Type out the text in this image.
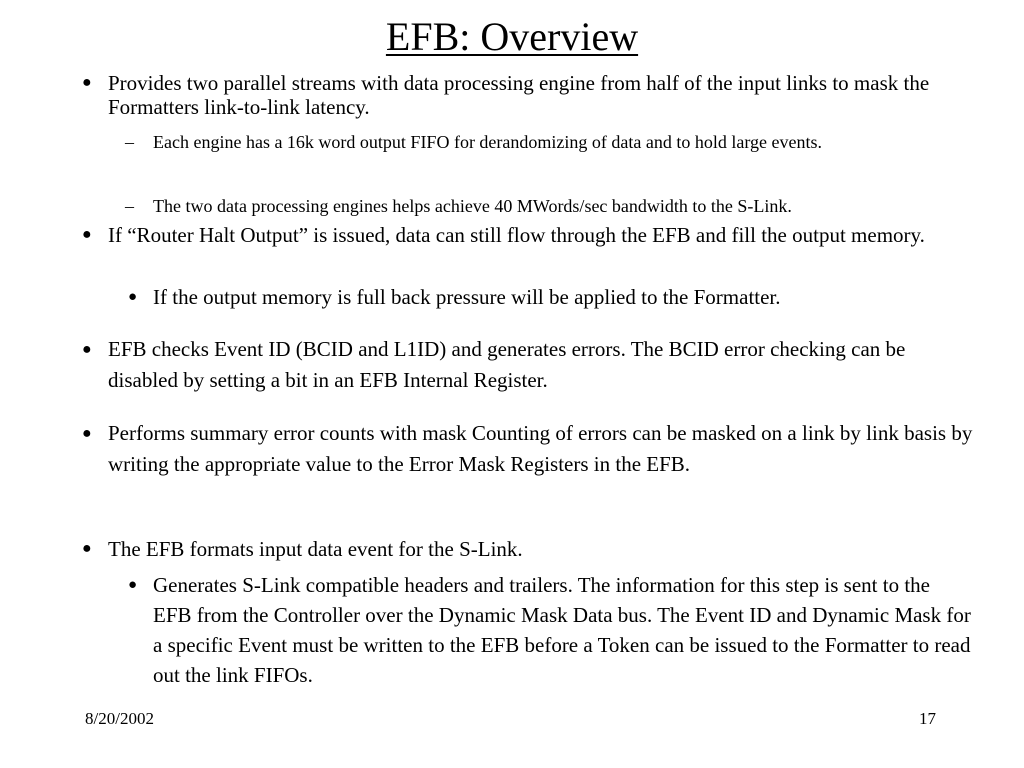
EFB: Overview
● Provides two parallel streams with data processing engine from half of the input links to mask the Formatters link-to-link latency.
– Each engine has a 16k word output FIFO for derandomizing of data and to hold large events.
– The two data processing engines helps achieve 40 MWords/sec bandwidth to the S-Link.
● If “Router Halt Output” is issued, data can still flow through the EFB and fill the output memory.
● If the output memory is full back pressure will be applied to the Formatter.
● EFB checks Event ID (BCID and L1ID) and generates errors. The BCID error checking can be disabled by setting a bit in an EFB Internal Register.
● Performs summary error counts with mask Counting of errors can be masked on a link by link basis by writing the appropriate value to the Error Mask Registers in the EFB.
● The EFB formats input data event for the S-Link.
● Generates S-Link compatible headers and trailers. The information for this step is sent to the EFB from the Controller over the Dynamic Mask Data bus. The Event ID and Dynamic Mask for a specific Event must be written to the EFB before a Token can be issued to the Formatter to read out the link FIFOs.
8/20/2002	17
